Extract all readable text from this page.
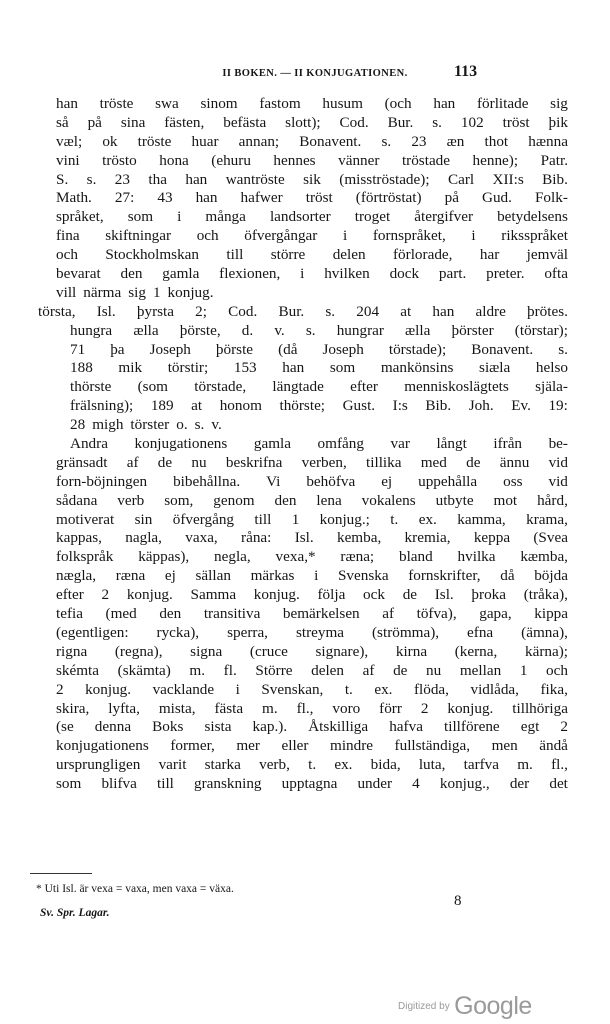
II BOKEN. — II KONJUGATIONEN.	113
han tröste swa sinom fastom husum (och han förlitade sig
så på sina fästen, befästa slott); Cod. Bur. s. 102 tröst þik
væl; ok tröste huar annan; Bonavent. s. 23 æn thot hænna
vini trösto hona (ehuru hennes vänner tröstade henne); Patr.
S. s. 23 tha han wantröste sik (misströstade); Carl XII:s Bib.
Math. 27: 43 han hafwer tröst (förtröstat) på Gud. Folk-
språket, som i många landsorter troget återgifver betydelsens
fina skiftningar och öfvergångar i fornspråket, i riksspråket
och Stockholmskan till större delen förlorade, har jemväl
bevarat den gamla flexionen, i hvilken dock part. preter. ofta
vill närma sig 1 konjug.
törsta, Isl. þyrsta 2; Cod. Bur. s. 204 at han aldre þrötes.
hungra ælla þörste, d. v. s. hungrar ælla þörster (törstar);
71 þa Joseph þörste (då Joseph törstade); Bonavent. s.
188 mik törstir; 153 han som mankönsins siæla helso
thörste (som törstade, längtade efter menniskoslägtets själa-
frälsning); 189 at honom thörste; Gust. I:s Bib. Joh. Ev. 19:
28 migh törster o. s. v.
Andra konjugationens gamla omfång var långt ifrån be-
gränsadt af de nu beskrifna verben, tillika med de ännu vid
forn-böjningen bibehållna. Vi behöfva ej uppehålla oss vid
sådana verb som, genom den lena vokalens utbyte mot hård,
motiverat sin öfvergång till 1 konjug.; t. ex. kamma, krama,
kappas, nagla, vaxa, råna: Isl. kemba, kremia, keppa (Svea
folkspråk käppas), negla, vexa,* ræna; bland hvilka kæmba,
nægla, ræna ej sällan märkas i Svenska fornskrifter, då böjda
efter 2 konjug. Samma konjug. följa ock de Isl. þroka (tråka),
tefia (med den transitiva bemärkelsen af töfva), gapa, kippa
(egentligen: rycka), sperra, streyma (strömma), efna (ämna),
rigna (regna), signa (cruce signare), kirna (kerna, kärna);
skémta (skämta) m. fl. Större delen af de nu mellan 1 och
2 konjug. vacklande i Svenskan, t. ex. flöda, vidlåda, fika,
skira, lyfta, mista, fästa m. fl., voro förr 2 konjug. tillhöriga
(se denna Boks sista kap.). Åtskilliga hafva tillförene egt 2
konjugationens former, mer eller mindre fullständiga, men ändå
ursprungligen varit starka verb, t. ex. bida, luta, tarfva m. fl.,
som blifva till granskning upptagna under 4 konjug., der det
* Uti Isl. är vexa = vaxa, men vaxa = växa.
Sv. Spr. Lagar.
8
Digitized by Google
